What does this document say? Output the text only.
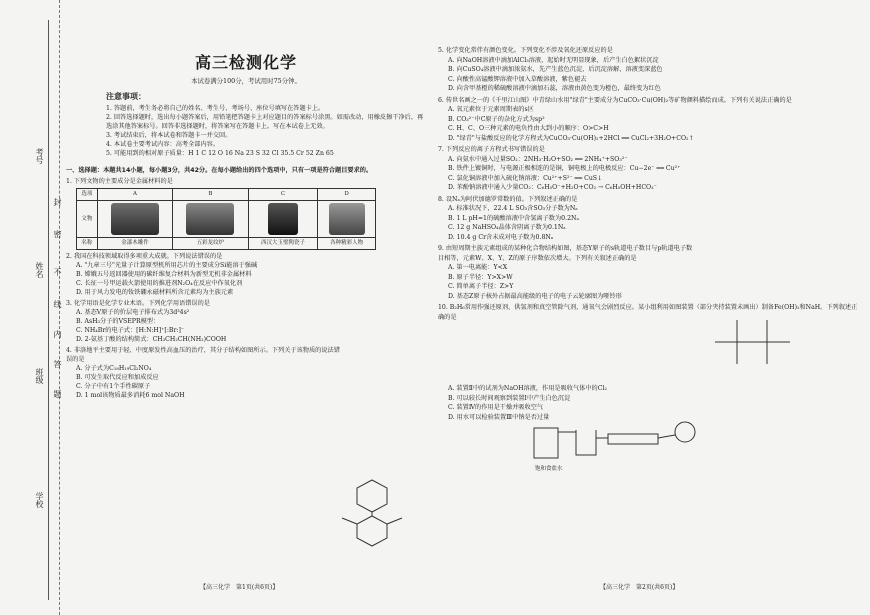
考号
封
姓名
密
班级
不
学校
线
内
答
题
高三检测化学
本试卷满分100分，考试用时75分钟。
注意事项：

1. 答题前，考生务必将自己的姓名、考生号、考场号、座位号填写在答题卡上。

2. 回答选择题时，选出每小题答案后，用铅笔把答题卡上对应题目的答案标号涂黑。如需改动，用橡皮擦干净后，再选涂其他答案标号。回答非选择题时，将答案写在答题卡上。写在本试卷上无效。

3. 考试结束后，将本试卷和答题卡一并交回。

4. 本试卷主要考试内容：高考全部内容。

5. 可能用到的相对原子质量：H 1 C 12 O 16 Na 23 S 32 Cl 35.5 Cr 52 Zn 65

一、选择题：本题共14小题，每小题3分，共42分。在每小题给出的四个选项中，只有一项是符合题目要求的。
1. 下列文物的主要成分是金属材料的是
选项	A	B	C	D
文物	

名称	金漆木雕件	五彩龙纹炉	西汉大玉璧陶瓷子	各种精彩人物
2. 我国在科技领域取得多项重大成就。下列说法错误的是
A. "九章三号"光量子计算原型机所用芯片的主要成分Si能溶于强碱
B. 嫦娥五号返回器使用的碳纤维复合材料为新型无机非金属材料
C. 长征一号甲运载火箭使用的推进剂N₂O₄在反应中作氧化剂
D. 用于风力发电的钕铁硼永磁材料所含元素均为主族元素
3. 化学用语是化学专业术语。下列化学用语错误的是
A. 基态V原子的价层电子排布式为3d³4s²
B. AsH₃分子的VSEPR模型：
C. NH₄Br的电子式：[H:N:H]⁺[:Br:]⁻
D. 2-氨基丁酸的结构简式：CH₃CH₂CH(NH₂)COOH
4. 非洛地平主要用于轻、中度原发性高血压的治疗，其分子结构如图所示。下列关于该物质的说法错误的是
A. 分子式为C₁₈H₁₉Cl₂NO₄
B. 可发生取代反应和加成反应
C. 分子中有1个手性碳原子
D. 1 mol该物质最多消耗6 mol NaOH
5. 化学变化常伴有颜色变化。下列变化不涉及氧化还原反应的是
A. 向NaOH溶液中滴加AlCl₃溶液，起始时无明显现象，后产生白色絮状沉淀
B. 向CuSO₄溶液中滴加浓氨水，先产生蓝色沉淀，后沉淀溶解，溶液变深蓝色
C. 向酸性高锰酸钾溶液中加入草酸溶液，紫色褪去
D. 向含甲基橙的稀硫酸溶液中滴加石蕊，溶液由黄色变为橙色，最终变为红色
6. 传世名画之一的《千里江山图》中青绿山水用"绿青"主要成分为CuCO₃·Cu(OH)₂等矿物颜料描绘而成。下列有关说法正确的是
A. 氧元素位于元素周期表的s区
B. CO₃²⁻中C原子的杂化方式为sp²
C. H、C、O三种元素的电负性由大到小的顺序：O>C>H
D. "绿青"与盐酸反应的化学方程式为CuCO₃·Cu(OH)₂+2HCl ══ CuCl₂+3H₂O+CO₂↑
7. 下列反应的离子方程式书写错误的是
A. 向氨水中通入过量SO₂：2NH₃·H₂O+SO₂ ══ 2NH₄⁺+SO₃²⁻
B. 铁件上镀铜时，与电源正极相连的是铜，铜电极上的电极反应：Cu−2e⁻ ══ Cu²⁺
C. 氯化铜溶液中加入硫化钠溶液：Cu²⁺+S²⁻ ══ CuS↓
D. 苯酚钠溶液中通入少量CO₂：C₆H₅O⁻+H₂O+CO₂ → C₆H₅OH+HCO₃⁻
8. 设Nₐ为阿伏加德罗常数的值。下列叙述正确的是
A. 标准状况下，22.4 L SO₃含SO₃分子数为Nₐ
B. 1 L pH=1的硫酸溶液中含氢离子数为0.2Nₐ
C. 12 g NaHSO₄晶体含阴离子数为0.1Nₐ
D. 10.4 g Cr含未成对电子数为0.8Nₐ
9. 由短周期主族元素组成的某种化合物结构如图，基态Y原子的s轨道电子数目与p轨道电子数目相等，元素W、X、Y、Z的原子序数依次增大。下列有关叙述正确的是
A. 第一电离能：Y<X
B. 原子半径：Y>X>W
C. 简单离子半径：Z>Y
D. 基态Z原子核外占据最高能级的电子的电子云轮廓图为哑铃形
10. B₂H₆常用作强还原剂、供氢剂和真空管除气剂，通氧气会剧烈反应。某小组利用如图装置（部分夹持装置未画出）制备Fe(OH)₂和NaH。下列叙述正确的是
A. 装置Ⅱ中的试剂为NaOH溶液，作用是吸收气体中的Cl₂
B. 可以较长时间观察到装置Ⅰ中产生白色沉淀
C. 装置Ⅳ的作用是干燥并吸收空气
D. 用水可以检验装置Ⅲ中钠是否过量
饱和食盐水
【高三化学　第1页(共6页)】	【高三化学　第2页(共6页)】
